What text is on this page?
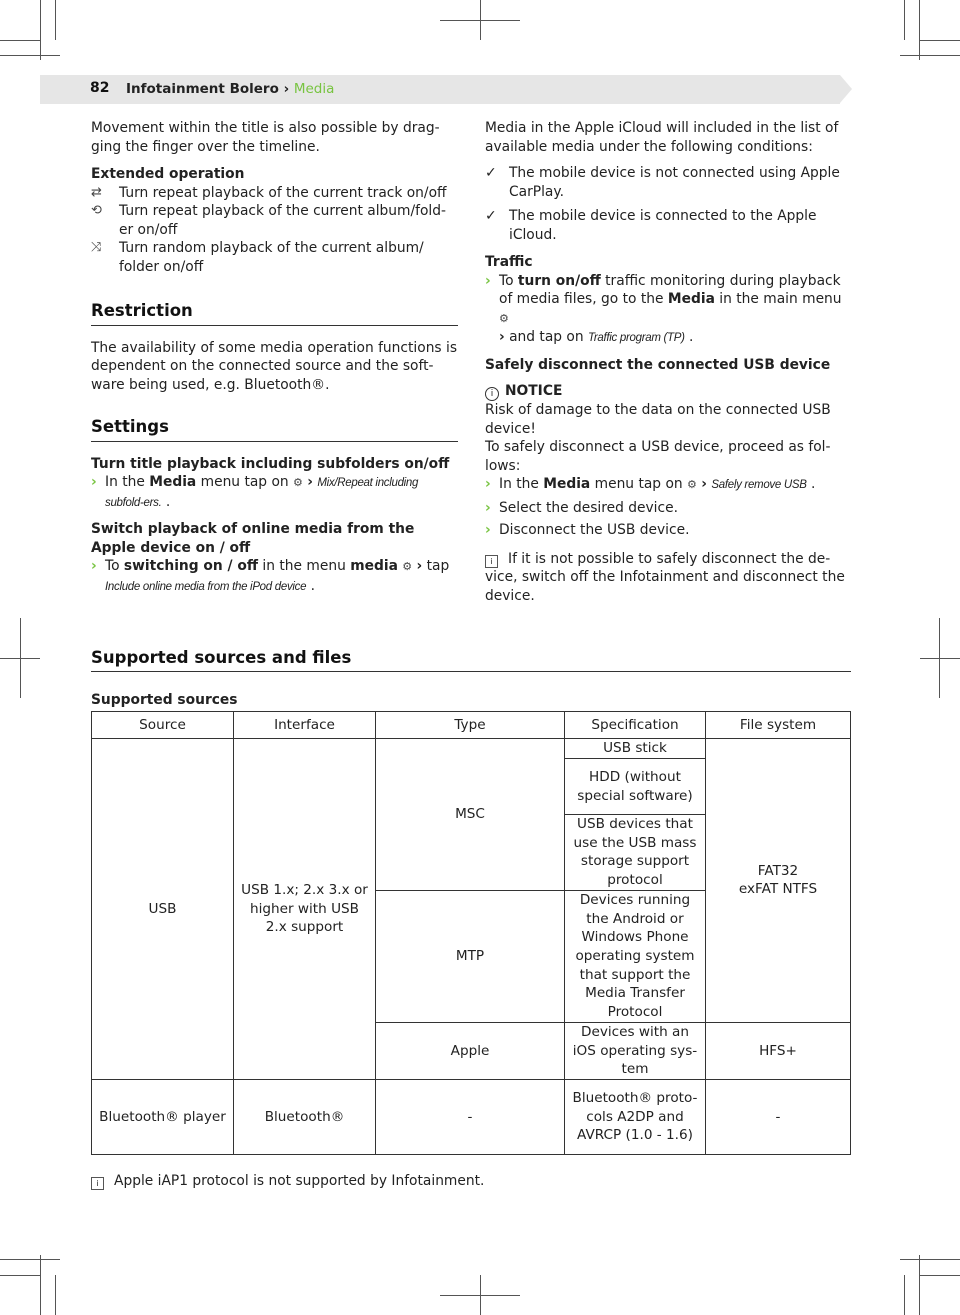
82 Infotainment Bolero › Media

Movement within the title is also possible by drag-ging the finger over the timeline.

Extended operation
⇄	Turn repeat playback of the current track on/off
⟲	Turn repeat playback of the current album/fold-er on/off
⤨	Turn random playback of the current album/ folder on/off
Restriction

The availability of some media operation functions is dependent on the connected source and the soft-ware being used, e.g. Bluetooth®.

Settings
Turn title playback including subfolders on/off
› In the Media menu tap on ⚙ › Mix/Repeat including subfold-ers. .
Switch playback of online media from the Apple device on / off
› To switching on / off in the menu media ⚙ › tap
Include online media from the iPod device .

Media in the Apple iCloud will included in the list of available media under the following conditions:

✓ The mobile device is not connected using Apple CarPlay.
✓ The mobile device is connected to the Apple iCloud.
Traffic
› To turn on/off traffic monitoring during playback of media files, go to the Media in the main menu ⚙
› and tap on Traffic program (TP) .
Safely disconnect the connected USB device
i NOTICE
Risk of damage to the data on the connected USB device!
To safely disconnect a USB device, proceed as fol-lows:
› In the Media menu tap on ⚙ › Safely remove USB .
› Select the desired device.
› Disconnect the USB device.

i If it is not possible to safely disconnect the de-vice, switch off the Infotainment and disconnect the device.

Supported sources and files
Supported sources
Source	Interface	Type	Specification	File system
USB	USB 1.x; 2.x 3.x or higher with USB 2.x support	MSC	USB stick	FAT32 exFAT NTFS
			HDD (without special software)	
			USB devices that use the USB mass storage support protocol	
		MTP	Devices running the Android or Windows Phone operating system that support the Media Transfer Protocol	
		Apple	Devices with an iOS operating sys-tem	HFS+

Bluetooth® player	Bluetooth®	-	Bluetooth® proto-cols A2DP and AVRCP (1.0 - 1.6)	-
i Apple iAP1 protocol is not supported by Infotainment.
